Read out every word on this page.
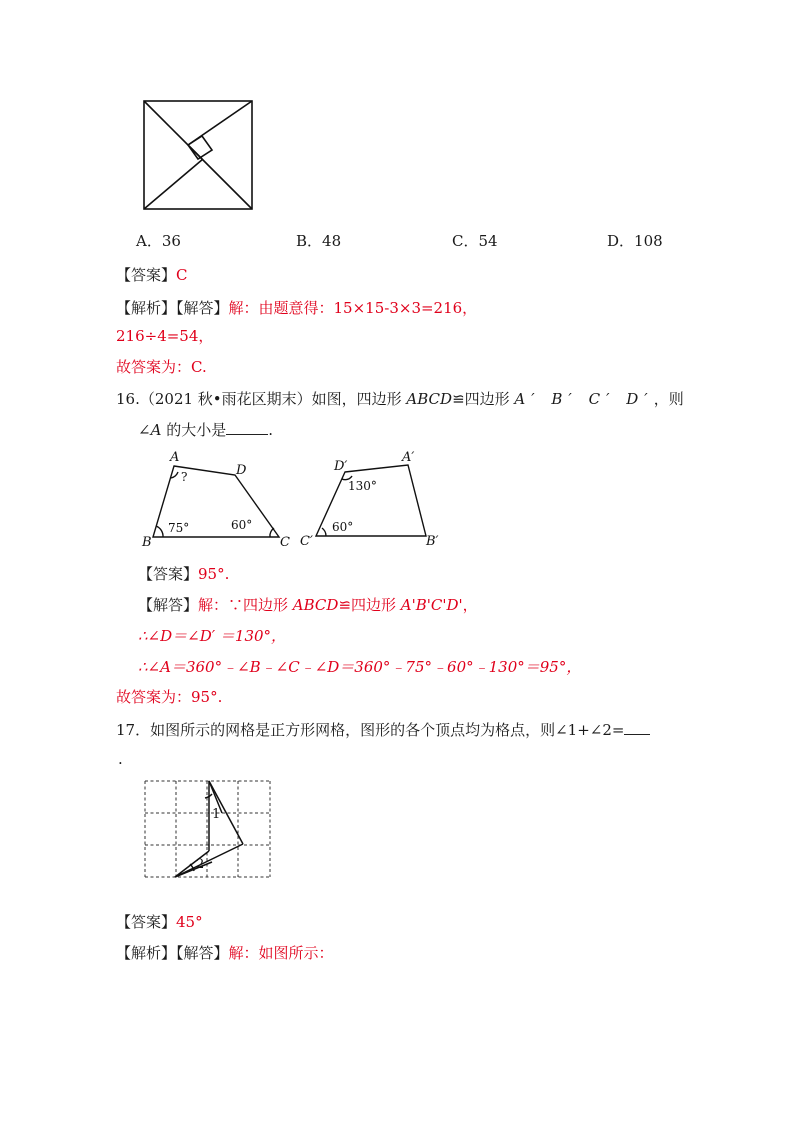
A．36	B．48	C．54	D．108
【答案】C
【解析】【解答】解：由题意得：15×15-3×3=216，
216÷4=54，
故答案为：C.
16.（2021 秋•雨花区期末）如图，四边形 ABCD≌四边形 A′ B′ C′ D′，则
∠A 的大小是	.
A
D
B	C
?
75°	60°
D′
A′
C′	B′
60°
130°
【答案】95°.
【解答】解：∵四边形 ABCD≌四边形 A'B'C'D'，
∴∠D＝∠D′ ＝130°，
∴∠A＝360°﹣∠B﹣∠C﹣∠D＝360°﹣75°﹣60°﹣130°＝95°，
故答案为：95°.
17．如图所示的网格是正方形网格，图形的各个顶点均为格点，则∠1+∠2=
.
1
2
【答案】45°
【解析】【解答】解：如图所示：
